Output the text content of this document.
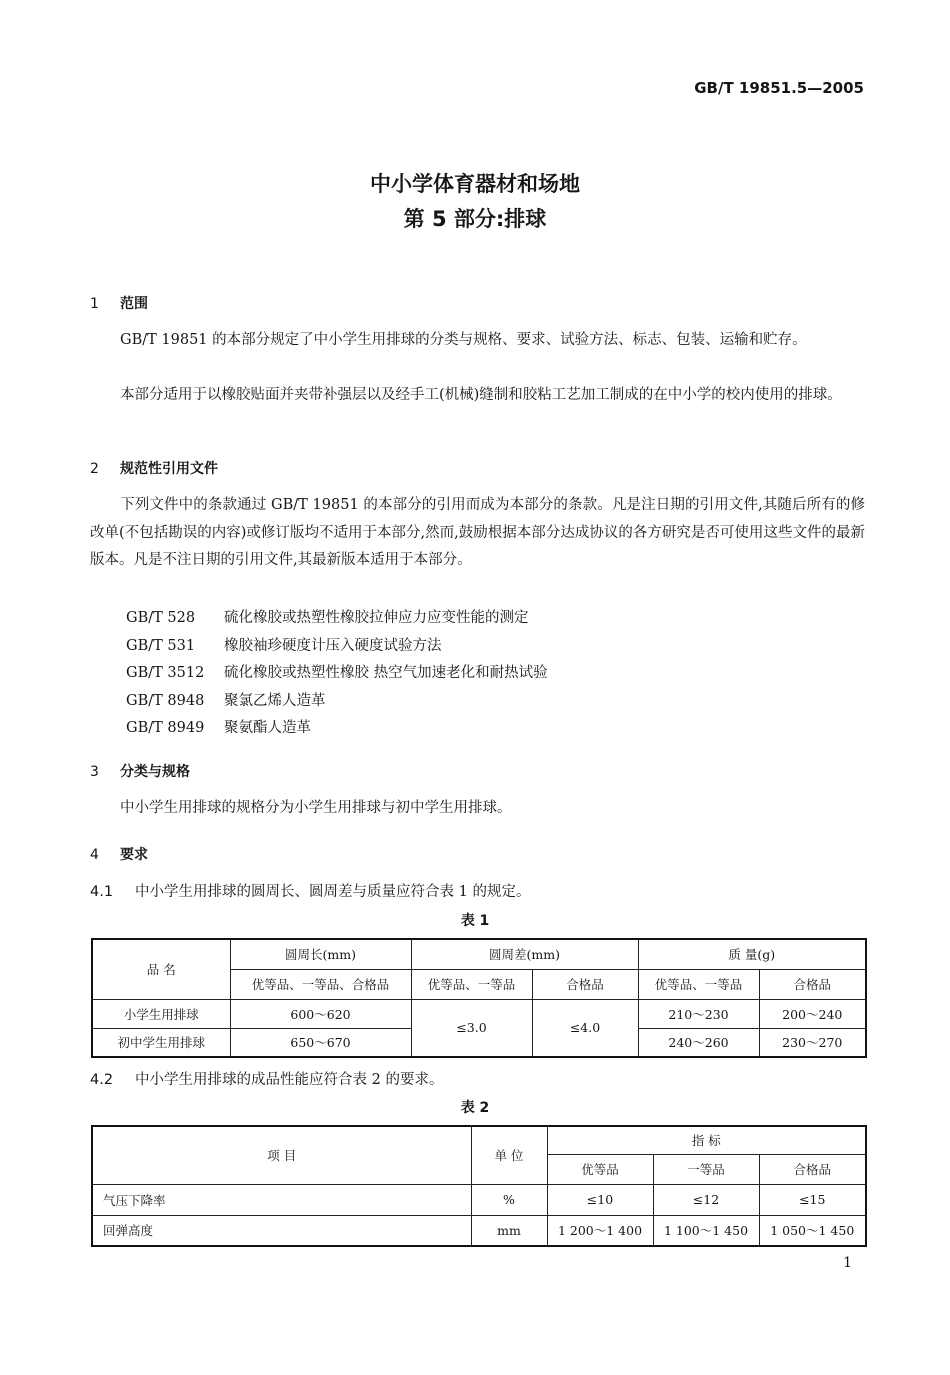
GB/T 19851.5—2005
中小学体育器材和场地
第 5 部分:排球
1 范围
GB/T 19851 的本部分规定了中小学生用排球的分类与规格、要求、试验方法、标志、包装、运输和贮存。
本部分适用于以橡胶贴面并夹带补强层以及经手工(机械)缝制和胶粘工艺加工制成的在中小学的校内使用的排球。
2 规范性引用文件
下列文件中的条款通过 GB/T 19851 的本部分的引用而成为本部分的条款。凡是注日期的引用文件,其随后所有的修改单(不包括勘误的内容)或修订版均不适用于本部分,然而,鼓励根据本部分达成协议的各方研究是否可使用这些文件的最新版本。凡是不注日期的引用文件,其最新版本适用于本部分。
GB/T 528 硫化橡胶或热塑性橡胶拉伸应力应变性能的测定
GB/T 531 橡胶袖珍硬度计压入硬度试验方法
GB/T 3512 硫化橡胶或热塑性橡胶 热空气加速老化和耐热试验
GB/T 8948 聚氯乙烯人造革
GB/T 8949 聚氨酯人造革
3 分类与规格
中小学生用排球的规格分为小学生用排球与初中学生用排球。
4 要求
4.1 中小学生用排球的圆周长、圆周差与质量应符合表 1 的规定。
表 1
品 名	圆周长(mm)	圆周差(mm)		质 量(g)	
	优等品、一等品、合格品	优等品、一等品	合格品	优等品、一等品	合格品
小学生用排球	600～620	≤3.0	≤4.0	210～230	200～240
初中学生用排球	650～670			240～260	230～270
4.2 中小学生用排球的成品性能应符合表 2 的要求。
表 2
项 目	单 位	指 标		
		优等品	一等品	合格品
气压下降率	%	≤10	≤12	≤15
回弹高度	mm	1 200～1 400	1 100～1 450	1 050～1 450
1
